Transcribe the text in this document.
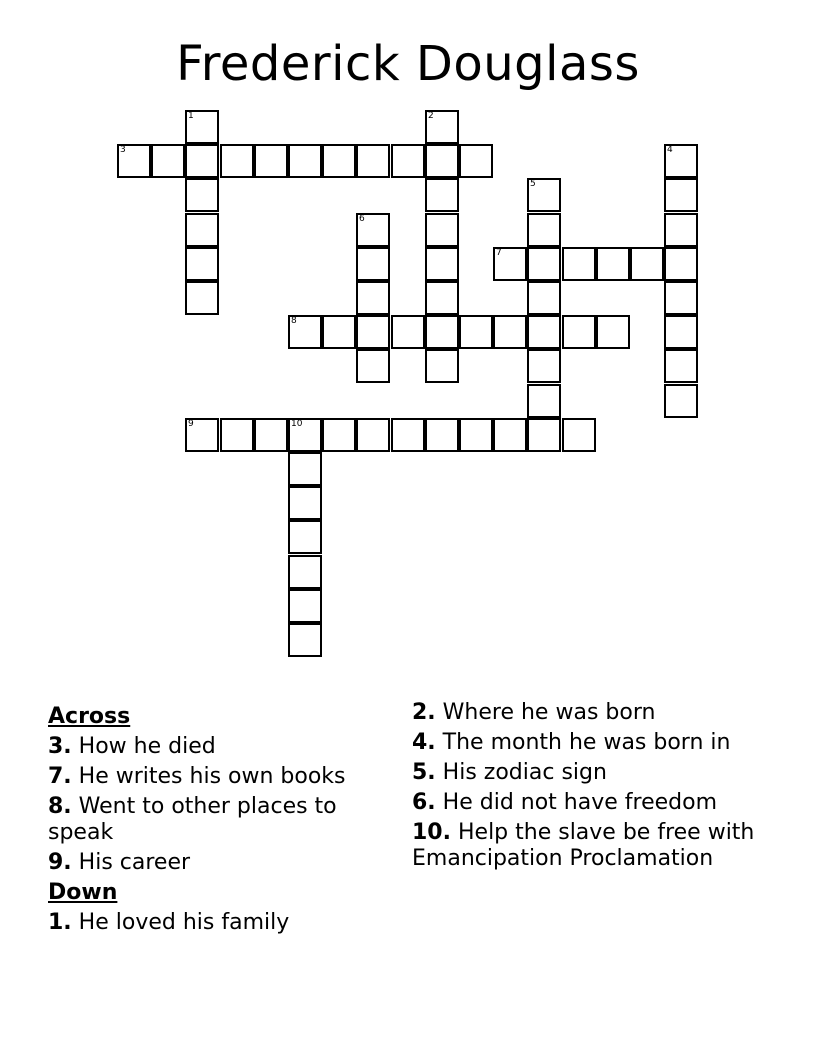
Frederick Douglass
3
7
8
9	10
1	2
4
5
6
Across
3. How he died
7. He writes his own books
8. Went to other places to speak
9. His career
Down
1. He loved his family
2. Where he was born
4. The month he was born in
5. His zodiac sign
6. He did not have freedom
10. Help the slave be free with Emancipation Proclamation
